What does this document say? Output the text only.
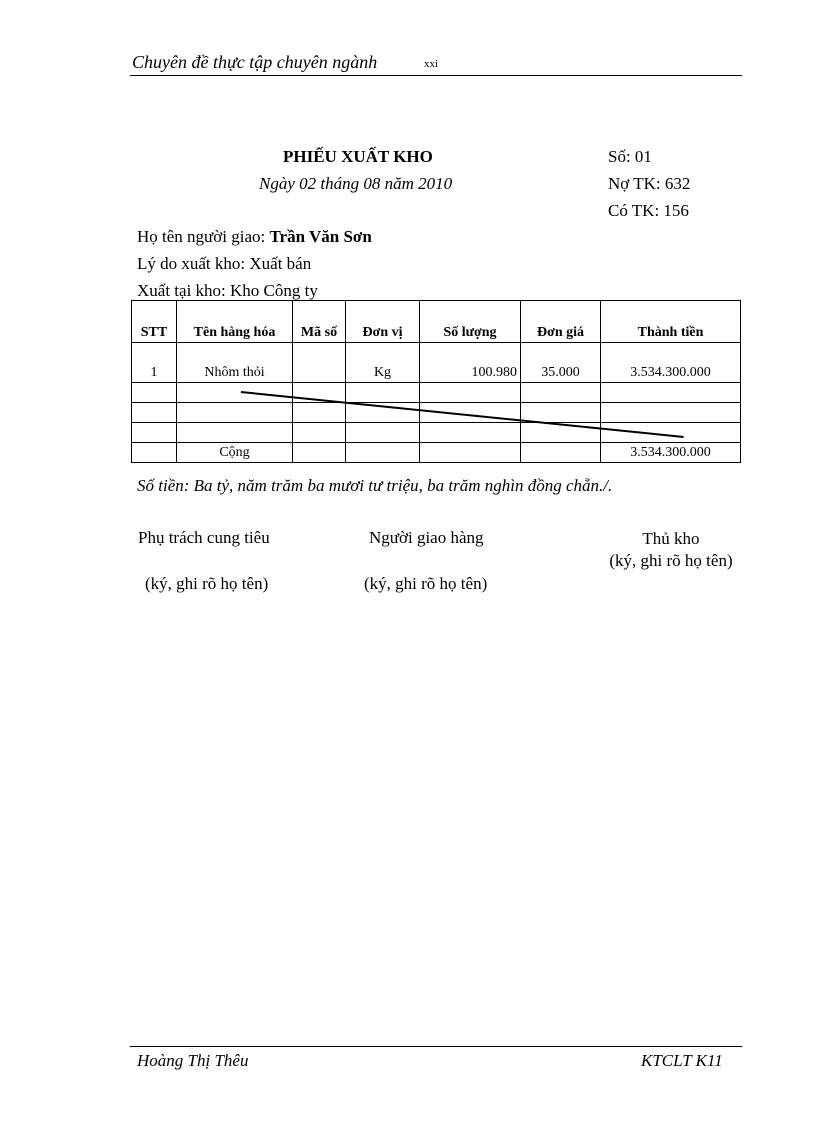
Chuyên đề thực tập chuyên ngành	xxi
PHIẾU XUẤT KHO
Ngày 02 tháng 08 năm 2010
Số: 01
Nợ TK: 632
Có TK: 156
Họ tên người giao: Trần Văn Sơn
Lý do xuất kho: Xuất bán
Xuất tại kho: Kho Công ty
STT	Tên hàng hóa	Mã số	Đơn vị	Số lượng	Đơn giá	Thành tiền
1	Nhôm thỏi		Kg	100.980	35.000	3.534.300.000

	Cộng					3.534.300.000
Số tiền: Ba tỷ, năm trăm ba mươi tư triệu, ba trăm nghìn đồng chẵn./.
Phụ trách cung tiêu
(ký, ghi rõ họ tên)
Người giao hàng
(ký, ghi rõ họ tên)
Thủ kho
(ký, ghi rõ họ tên)
Hoàng Thị Thêu	KTCLT K11
